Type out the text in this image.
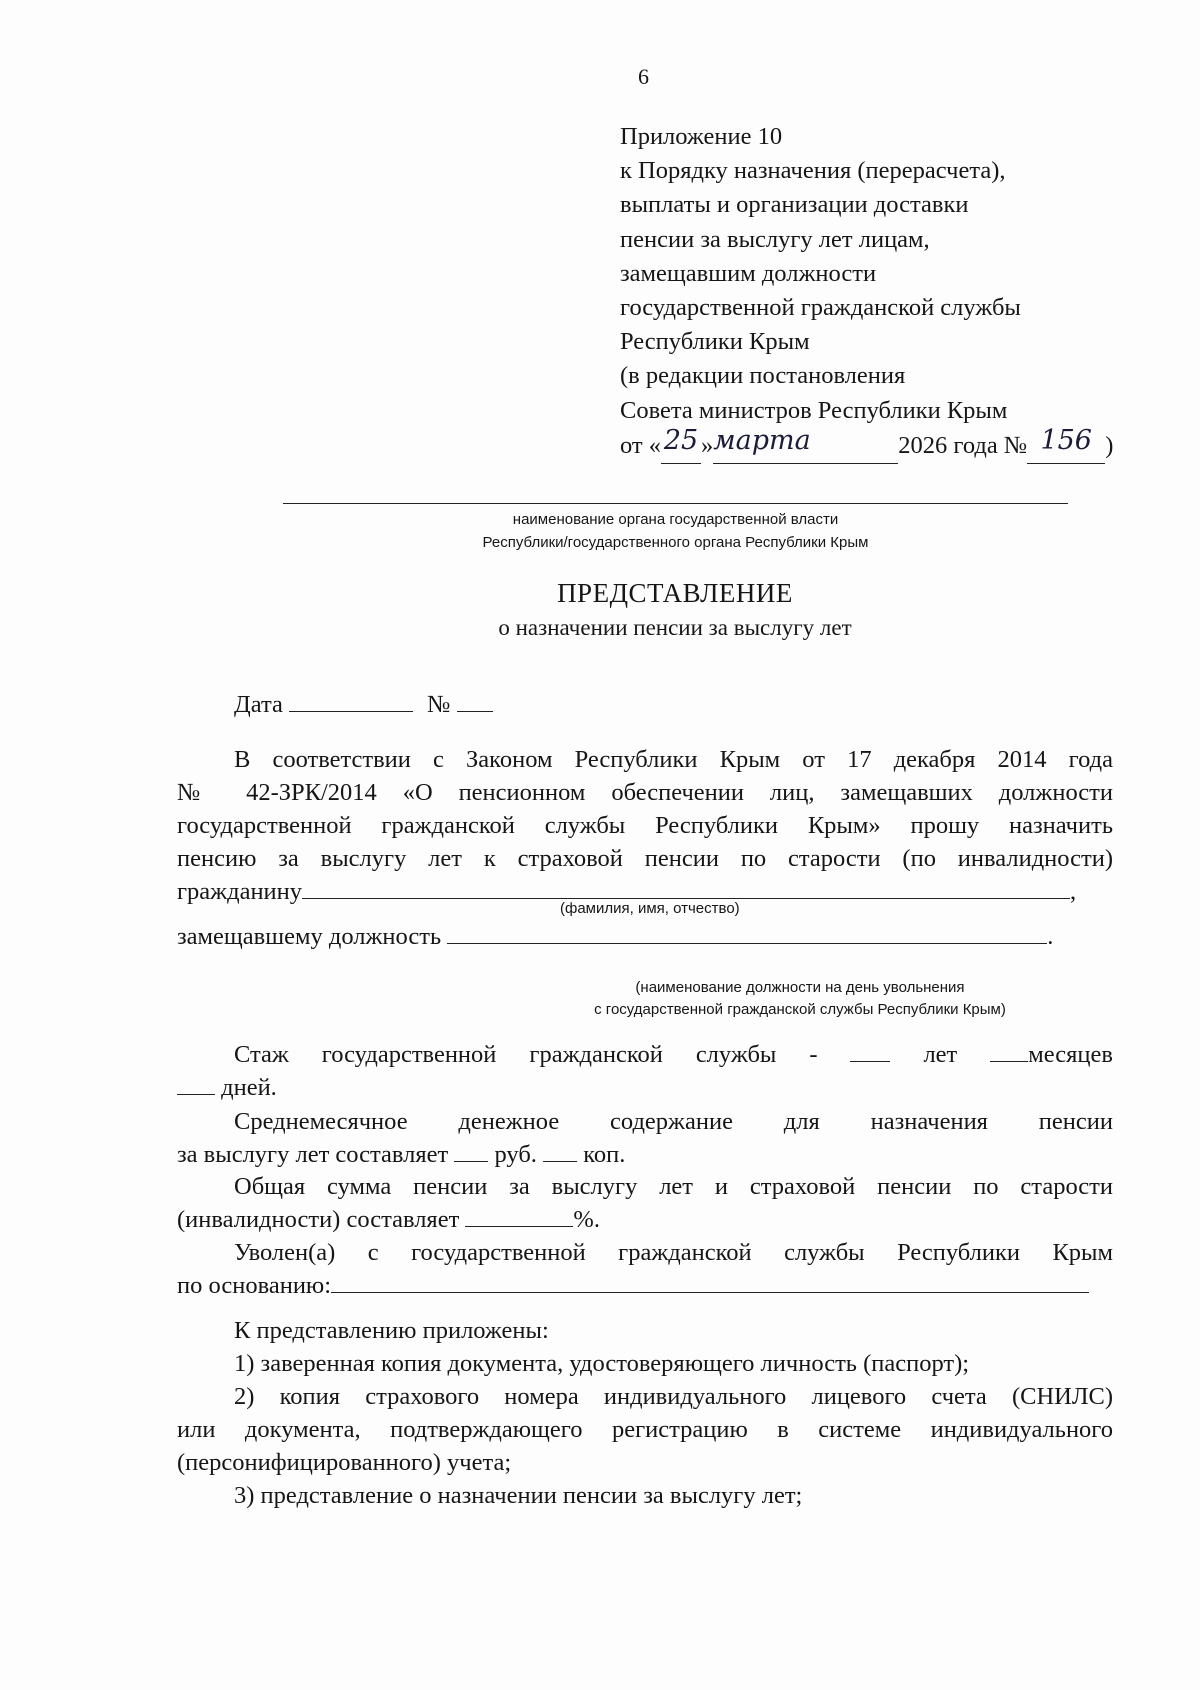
6
Приложение 10
к Порядку назначения (перерасчета),
выплаты и организации доставки
пенсии за выслугу лет лицам,
замещавшим должности
государственной гражданской службы
Республики Крым
(в редакции постановления
Совета министров Республики Крым
от « 25 »марта	2026 года № 156 )
наименование органа государственной власти
Республики/государственного органа Республики Крым
ПРЕДСТАВЛЕНИЕ
о назначении пенсии за выслугу лет
Дата	№
В соответствии с Законом Республики Крым от 17 декабря 2014 года
№ 42-ЗРК/2014 «О пенсионном обеспечении лиц, замещавших должности
государственной гражданской службы Республики Крым» прошу назначить
пенсию за выслугу лет к страховой пенсии по старости (по инвалидности)
гражданину	,
(фамилия, имя, отчество)
замещавшему должность	.
(наименование должности на день увольнения
с государственной гражданской службы Республики Крым)
Стаж государственной гражданской службы -	лет	месяцев
дней.
Среднемесячное денежное содержание для назначения пенсии
за выслугу лет составляет руб. коп.
Общая сумма пенсии за выслугу лет и страховой пенсии по старости
(инвалидности) составляет	%.
Уволен(а) с государственной гражданской службы Республики Крым
по основанию:
К представлению приложены:
1) заверенная копия документа, удостоверяющего личность (паспорт);
2) копия страхового номера индивидуального лицевого счета (СНИЛС)
или документа, подтверждающего регистрацию в системе индивидуального
(персонифицированного) учета;
3) представление о назначении пенсии за выслугу лет;
